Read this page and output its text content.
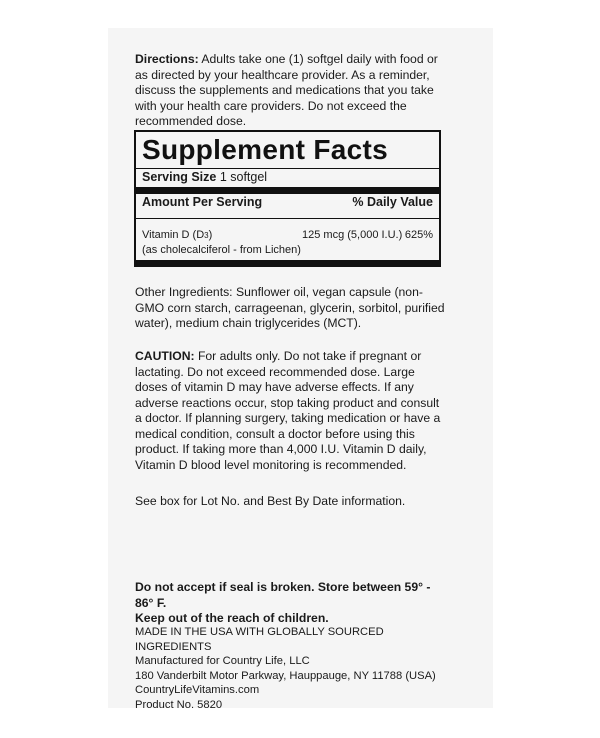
Directions: Adults take one (1) softgel daily with food or as directed by your healthcare provider. As a reminder, discuss the supplements and medications that you take with your health care providers. Do not exceed the recommended dose.
Supplement Facts
Serving Size 1 softgel
Amount Per Serving	% Daily Value
Vitamin D (D3)
(as cholecalciferol - from Lichen)
125 mcg (5,000 I.U.) 625%
Other Ingredients: Sunflower oil, vegan capsule (non-GMO corn starch, carrageenan, glycerin, sorbitol, purified water), medium chain triglycerides (MCT).
CAUTION: For adults only. Do not take if pregnant or lactating. Do not exceed recommended dose. Large doses of vitamin D may have adverse effects. If any adverse reactions occur, stop taking product and consult a doctor. If planning surgery, taking medication or have a medical condition, consult a doctor before using this product. If taking more than 4,000 I.U. Vitamin D daily, Vitamin D blood level monitoring is recommended.
See box for Lot No. and Best By Date information.
Do not accept if seal is broken. Store between 59° - 86° F.
Keep out of the reach of children.
MADE IN THE USA WITH GLOBALLY SOURCED INGREDIENTS
Manufactured for Country Life, LLC
180 Vanderbilt Motor Parkway, Hauppauge, NY 11788 (USA)
CountryLifeVitamins.com
Product No. 5820
